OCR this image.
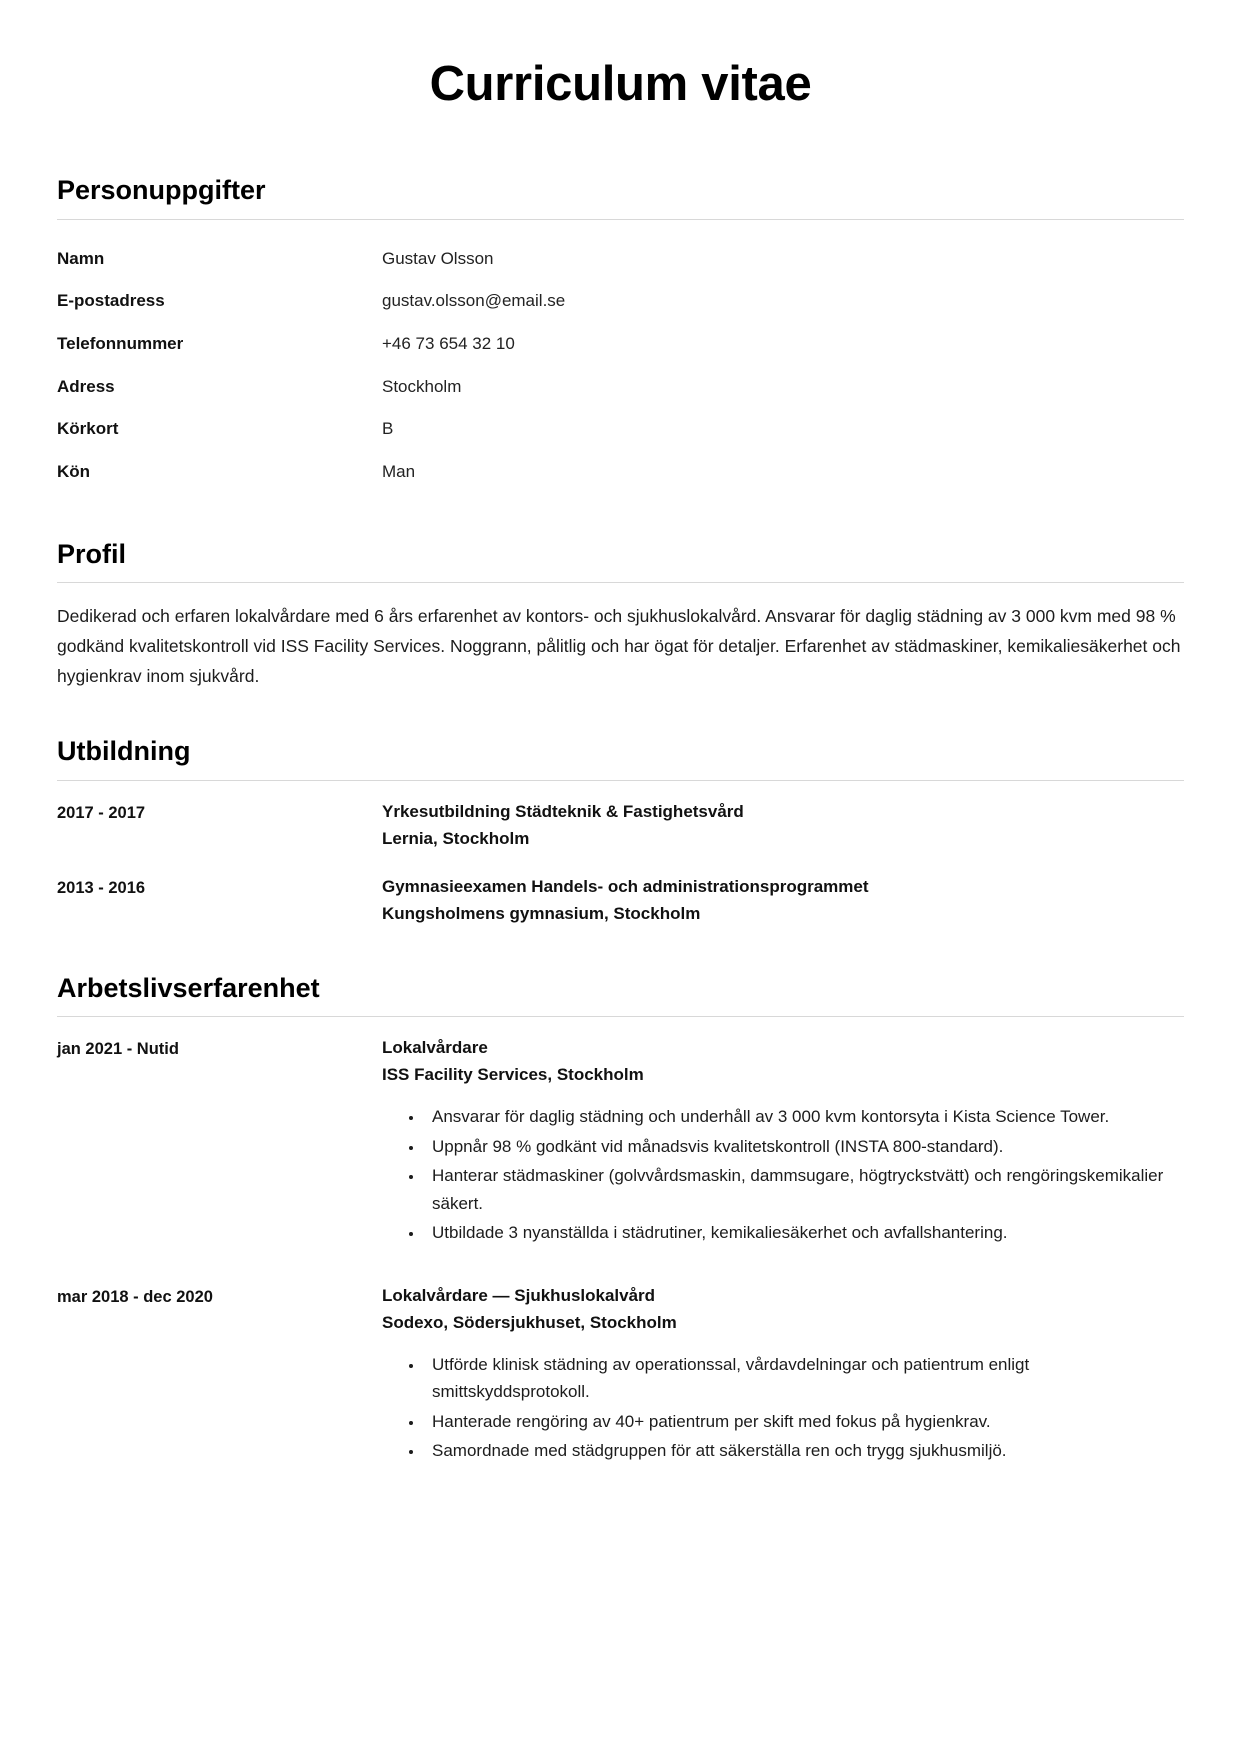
Curriculum vitae
Personuppgifter
Namn	Gustav Olsson
E-postadress	gustav.olsson@email.se
Telefonnummer	+46 73 654 32 10
Adress	Stockholm
Körkort	B
Kön	Man
Profil

Dedikerad och erfaren lokalvårdare med 6 års erfarenhet av kontors- och sjukhuslokalvård. Ansvarar för daglig städning av 3 000 kvm med 98 % godkänd kvalitetskontroll vid ISS Facility Services. Noggrann, pålitlig och har ögat för detaljer. Erfarenhet av städmaskiner, kemikaliesäkerhet och hygienkrav inom sjukvård.

Utbildning
2017 - 2017	Yrkesutbildning Städteknik & Fastighetsvård
Lernia, Stockholm
2013 - 2016	Gymnasieexamen Handels- och administrationsprogrammet
Kungsholmens gymnasium, Stockholm
Arbetslivserfarenhet
jan 2021 - Nutid	Lokalvårdare
ISS Facility Services, Stockholm
• Ansvarar för daglig städning och underhåll av 3 000 kvm kontorsyta i Kista Science Tower.
• Uppnår 98 % godkänt vid månadsvis kvalitetskontroll (INSTA 800-standard).
• Hanterar städmaskiner (golvvårdsmaskin, dammsugare, högtryckstvätt) och rengöringskemikalier säkert.
• Utbildade 3 nyanställda i städrutiner, kemikaliesäkerhet och avfallshantering.
mar 2018 - dec 2020	Lokalvårdare — Sjukhuslokalvård
Sodexo, Södersjukhuset, Stockholm
• Utförde klinisk städning av operationssal, vårdavdelningar och patientrum enligt smittskyddsprotokoll.
• Hanterade rengöring av 40+ patientrum per skift med fokus på hygienkrav.
• Samordnade med städgruppen för att säkerställa ren och trygg sjukhusmiljö.
